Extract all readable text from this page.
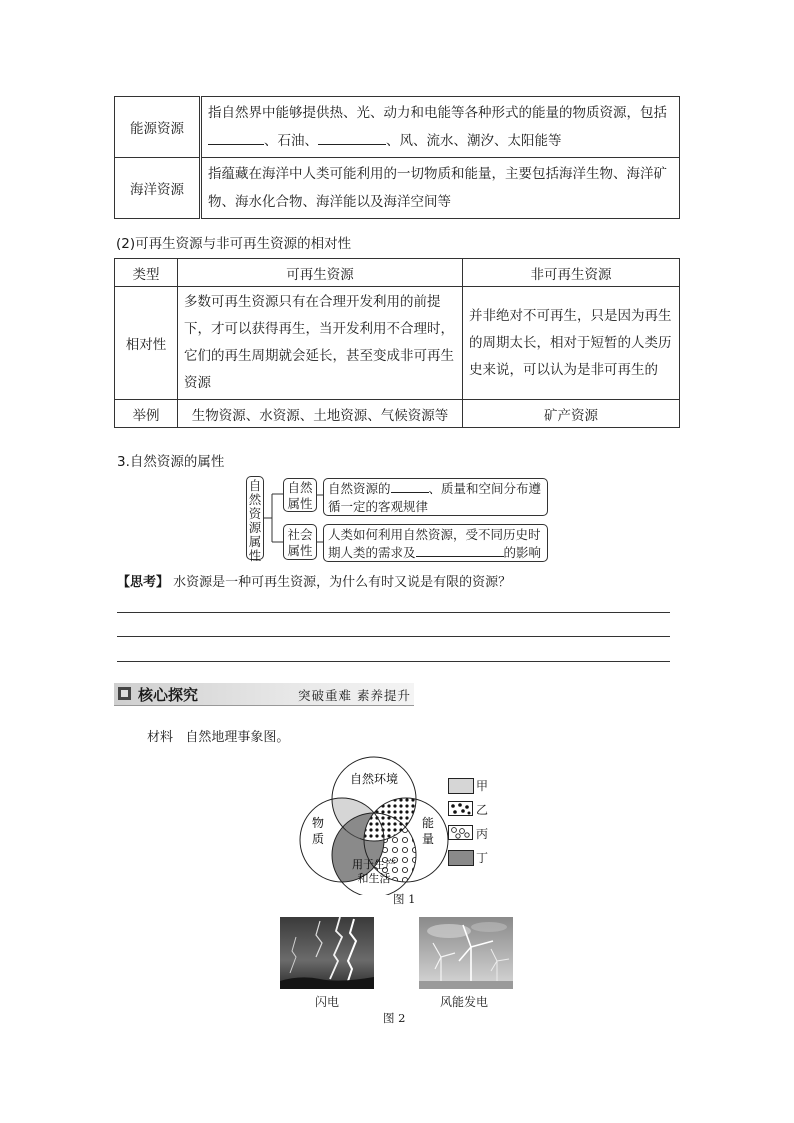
能源资源	指自然界中能够提供热、光、动力和电能等各种形式的能量的物质资源，包括、石油、 、风、流水、潮汐、太阳能等
海洋资源	指蕴藏在海洋中人类可能利用的一切物质和能量，主要包括海洋生物、海洋矿物、海水化合物、海洋能以及海洋空间等
(2)可再生资源与非可再生资源的相对性
类型	可再生资源	非可再生资源
相对性	多数可再生资源只有在合理开发利用的前提下，才可以获得再生，当开发利用不合理时，它们的再生周期就会延长，甚至变成非可再生资源	并非绝对不可再生，只是因为再生的周期太长，相对于短暂的人类历史来说，可以认为是非可再生的
举例	生物资源、水资源、土地资源、气候资源等	矿产资源
3.自然资源的属性
自然资源属性
自然属性
社会属性
自然资源的	、质量和空间分布遵循一定的客观规律
人类如何利用自然资源，受不同历史时期人类的需求及	的影响
【思考】 水资源是一种可再生资源，为什么有时又说是有限的资源？
核心探究	突破重难 素养提升
材料 自然地理事象图。
自然环境
能量
用于生产和生活
物质
甲
乙
丙
丁
图 1
闪电	风能发电
图 2
